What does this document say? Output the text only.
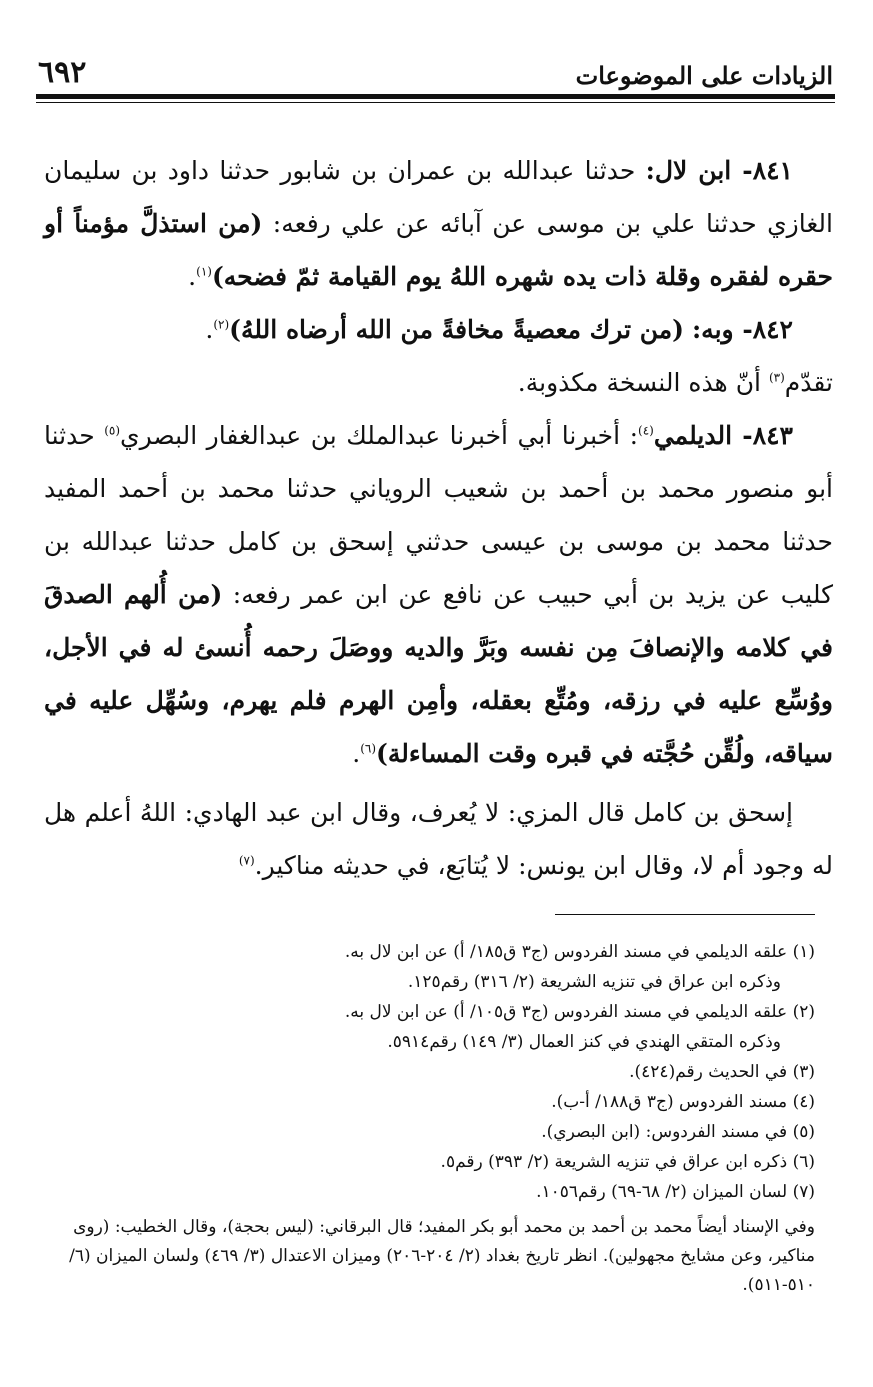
الزيادات على الموضوعات
٦٩٢

٨٤١- ابن لال: حدثنا عبدالله بن عمران بن شابور حدثنا داود بن سليمان الغازي حدثنا علي بن موسى عن آبائه عن علي رفعه: (من استذلَّ مؤمناً أو حقره لفقره وقلة ذات يده شهره اللهُ يوم القيامة ثمّ فضحه)$^{(١)}$.

٨٤٢- وبه: (من ترك معصيةً مخافةً من الله أرضاه اللهُ)$^{(٢)}$.

تقدّم$^{(٣)}$ أنّ هذه النسخة مكذوبة.

٨٤٣- الديلمي$^{(٤)}$: أخبرنا أبي أخبرنا عبدالملك بن عبدالغفار البصري$^{(٥)}$ حدثنا أبو منصور محمد بن أحمد بن شعيب الروياني حدثنا محمد بن أحمد المفيد حدثنا محمد بن موسى بن عيسى حدثني إسحق بن كامل حدثنا عبدالله بن كليب عن يزيد بن أبي حبيب عن نافع عن ابن عمر رفعه: (من أُلهم الصدقَ في كلامه والإنصافَ مِن نفسه وبَرَّ والديه ووصَلَ رحمه أُنسئ له في الأجل، ووُسِّع عليه في رزقه، ومُتِّع بعقله، وأمِن الهرم فلم يهرم، وسُهِّل عليه في سياقه، ولُقِّن حُجَّته في قبره وقت المساءلة)$^{(٦)}$.

إسحق بن كامل قال المزي: لا يُعرف، وقال ابن عبد الهادي: اللهُ أعلم هل له وجود أم لا، وقال ابن يونس: لا يُتابَع، في حديثه مناكير.$^{(٧)}$

(١) علقه الديلمي في مسند الفردوس (ج٣ ق١٨٥/ أ) عن ابن لال به.

وذكره ابن عراق في تنزيه الشريعة (٢/ ٣١٦) رقم١٢٥.

(٢) علقه الديلمي في مسند الفردوس (ج٣ ق١٠٥/ أ) عن ابن لال به.

وذكره المتقي الهندي في كنز العمال (٣/ ١٤٩) رقم٥٩١٤.

(٣) في الحديث رقم(٤٢٤).

(٤) مسند الفردوس (ج٣ ق١٨٨/ أ-ب).

(٥) في مسند الفردوس: (ابن البصري).

(٦) ذكره ابن عراق في تنزيه الشريعة (٢/ ٣٩٣) رقم٥.

(٧) لسان الميزان (٢/ ٦٨-٦٩) رقم١٠٥٦.

وفي الإسناد أيضاً محمد بن أحمد بن محمد أبو بكر المفيد؛ قال البرقاني: (ليس بحجة)، وقال الخطيب: (روى مناكير، وعن مشايخ مجهولين). انظر تاريخ بغداد (٢/ ٢٠٤-٢٠٦) وميزان الاعتدال (٣/ ٤٦٩) ولسان الميزان (٦/ ٥١٠-٥١١).
